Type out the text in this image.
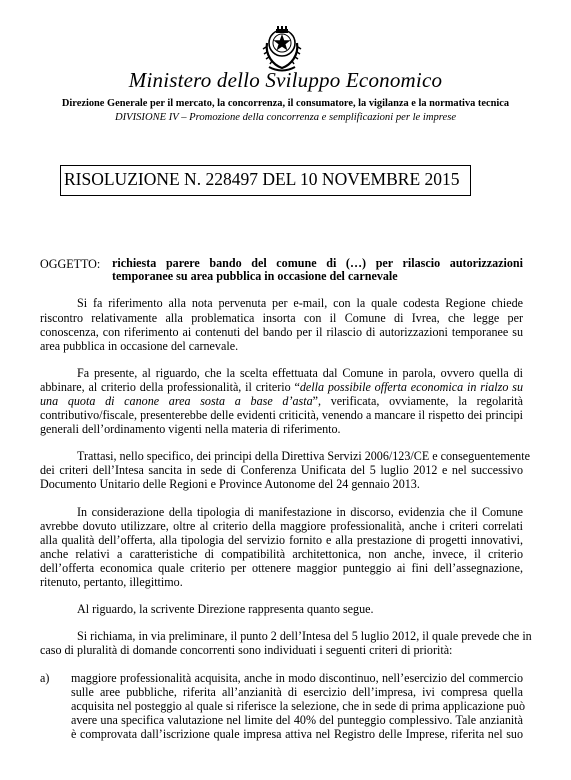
Ministero dello Sviluppo Economico
Direzione Generale per il mercato, la concorrenza, il consumatore, la vigilanza e la normativa tecnica
DIVISIONE IV – Promozione della concorrenza e semplificazioni per le imprese
RISOLUZIONE N. 228497 DEL 10 NOVEMBRE 2015
OGGETTO: richiesta parere bando del comune di (…) per rilascio autorizzazioni
temporanee su area pubblica in occasione del carnevale
Si fa riferimento alla nota pervenuta per e-mail, con la quale codesta Regione chiede
riscontro relativamente alla problematica insorta con il Comune di Ivrea, che legge per
conoscenza, con riferimento ai contenuti del bando per il rilascio di autorizzazioni temporanee su
area pubblica in occasione del carnevale.
Fa presente, al riguardo, che la scelta effettuata dal Comune in parola, ovvero quella di
abbinare, al criterio della professionalità, il criterio “della possibile offerta economica in rialzo su
una quota di canone area sosta a base d’asta”, verificata, ovviamente, la regolarità
contributivo/fiscale, presenterebbe delle evidenti criticità, venendo a mancare il rispetto dei principi
generali dell’ordinamento vigenti nella materia di riferimento.
Trattasi, nello specifico, dei principi della Direttiva Servizi 2006/123/CE e conseguentemente
dei criteri dell’Intesa sancita in sede di Conferenza Unificata del 5 luglio 2012 e nel successivo
Documento Unitario delle Regioni e Province Autonome del 24 gennaio 2013.
In considerazione della tipologia di manifestazione in discorso, evidenzia che il Comune
avrebbe dovuto utilizzare, oltre al criterio della maggiore professionalità, anche i criteri correlati
alla qualità dell’offerta, alla tipologia del servizio fornito e alla prestazione di progetti innovativi,
anche relativi a caratteristiche di compatibilità architettonica, non anche, invece, il criterio
dell’offerta economica quale criterio per ottenere maggior punteggio ai fini dell’assegnazione,
ritenuto, pertanto, illegittimo.
Al riguardo, la scrivente Direzione rappresenta quanto segue.
Si richiama, in via preliminare, il punto 2 dell’Intesa del 5 luglio 2012, il quale prevede che in
caso di pluralità di domande concorrenti sono individuati i seguenti criteri di priorità:
a) maggiore professionalità acquisita, anche in modo discontinuo, nell’esercizio del commercio
sulle aree pubbliche, riferita all’anzianità di esercizio dell’impresa, ivi compresa quella
acquisita nel posteggio al quale si riferisce la selezione, che in sede di prima applicazione può
avere una specifica valutazione nel limite del 40% del punteggio complessivo. Tale anzianità
è comprovata dall’iscrizione quale impresa attiva nel Registro delle Imprese, riferita nel suo
